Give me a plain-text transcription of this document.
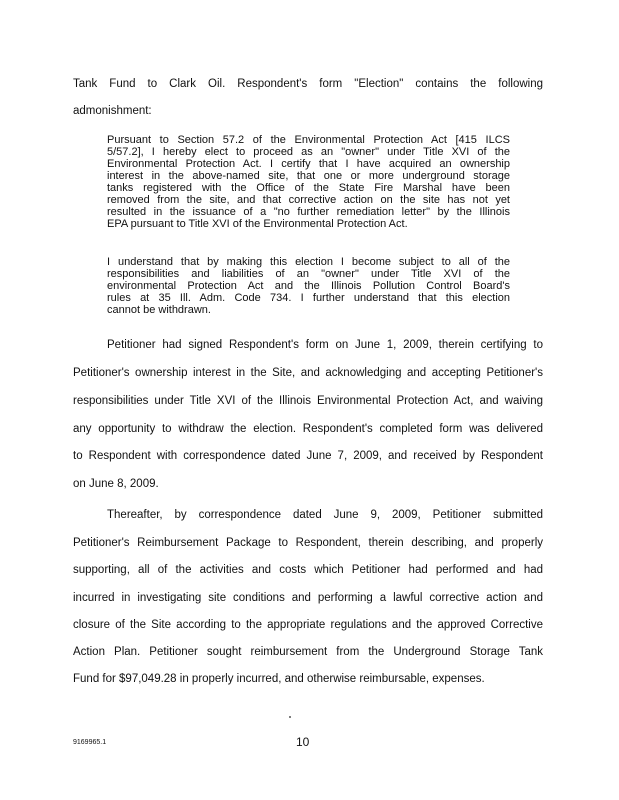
Tank Fund to Clark Oil. Respondent's form "Election" contains the following
admonishment:
Pursuant to Section 57.2 of the Environmental Protection Act [415 ILCS
5/57.2], I hereby elect to proceed as an "owner" under Title XVI of the
Environmental Protection Act. I certify that I have acquired an ownership
interest in the above-named site, that one or more underground storage
tanks registered with the Office of the State Fire Marshal have been
removed from the site, and that corrective action on the site has not yet
resulted in the issuance of a "no further remediation letter" by the Illinois
EPA pursuant to Title XVI of the Environmental Protection Act.
I understand that by making this election I become subject to all of the
responsibilities and liabilities of an "owner" under Title XVI of the
environmental Protection Act and the Illinois Pollution Control Board's
rules at 35 Ill. Adm. Code 734. I further understand that this election
cannot be withdrawn.
Petitioner had signed Respondent's form on June 1, 2009, therein certifying to
Petitioner's ownership interest in the Site, and acknowledging and accepting Petitioner's
responsibilities under Title XVI of the Illinois Environmental Protection Act, and waiving
any opportunity to withdraw the election. Respondent's completed form was delivered
to Respondent with correspondence dated June 7, 2009, and received by Respondent
on June 8, 2009.
Thereafter, by correspondence dated June 9, 2009, Petitioner submitted
Petitioner's Reimbursement Package to Respondent, therein describing, and properly
supporting, all of the activities and costs which Petitioner had performed and had
incurred in investigating site conditions and performing a lawful corrective action and
closure of the Site according to the appropriate regulations and the approved Corrective
Action Plan. Petitioner sought reimbursement from the Underground Storage Tank
Fund for $97,049.28 in properly incurred, and otherwise reimbursable, expenses.
9169965.1	10
